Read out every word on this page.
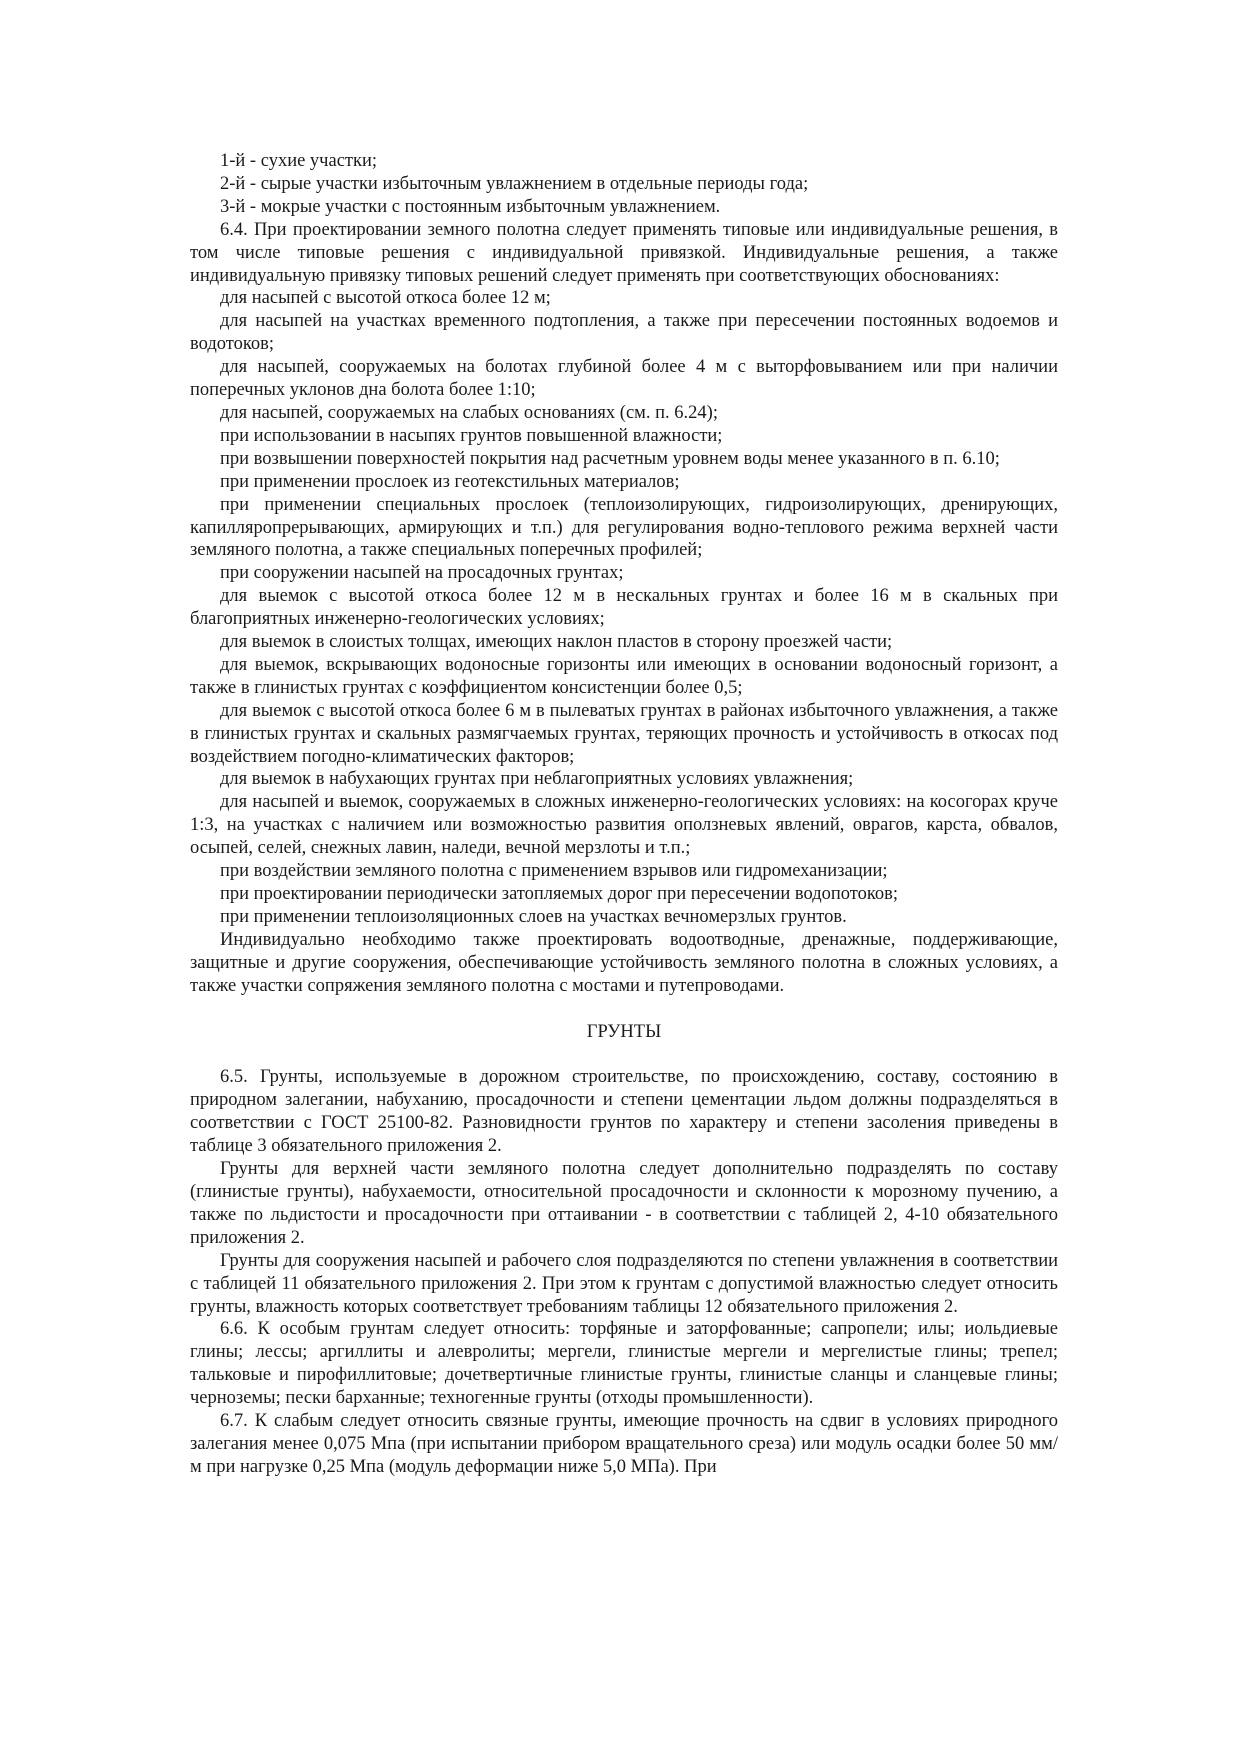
1-й - сухие участки;

2-й - сырые участки избыточным увлажнением в отдельные периоды года;

3-й - мокрые участки с постоянным избыточным увлажнением.

6.4. При проектировании земного полотна следует применять типовые или индивидуальные решения, в том числе типовые решения с индивидуальной привязкой. Индивидуальные решения, а также индивидуальную привязку типовых решений следует применять при соответствующих обоснованиях:

для насыпей с высотой откоса более 12 м;

для насыпей на участках временного подтопления, а также при пересечении постоянных водоемов и водотоков;

для насыпей, сооружаемых на болотах глубиной более 4 м с выторфовыванием или при наличии поперечных уклонов дна болота более 1:10;

для насыпей, сооружаемых на слабых основаниях (см. п. 6.24);

при использовании в насыпях грунтов повышенной влажности;

при возвышении поверхностей покрытия над расчетным уровнем воды менее указанного в п. 6.10;

при применении прослоек из геотекстильных материалов;

при применении специальных прослоек (теплоизолирующих, гидроизолирующих, дренирующих, капилляропрерывающих, армирующих и т.п.) для регулирования водно-теплового режима верхней части земляного полотна, а также специальных поперечных профилей;

при сооружении насыпей на просадочных грунтах;

для выемок с высотой откоса более 12 м в нескальных грунтах и более 16 м в скальных при благоприятных инженерно-геологических условиях;

для выемок в слоистых толщах, имеющих наклон пластов в сторону проезжей части;

для выемок, вскрывающих водоносные горизонты или имеющих в основании водоносный горизонт, а также в глинистых грунтах с коэффициентом консистенции более 0,5;

для выемок с высотой откоса более 6 м в пылеватых грунтах в районах избыточного увлажнения, а также в глинистых грунтах и скальных размягчаемых грунтах, теряющих прочность и устойчивость в откосах под воздействием погодно-климатических факторов;

для выемок в набухающих грунтах при неблагоприятных условиях увлажнения;

для насыпей и выемок, сооружаемых в сложных инженерно-геологических условиях: на косогорах круче 1:3, на участках с наличием или возможностью развития оползневых явлений, оврагов, карста, обвалов, осыпей, селей, снежных лавин, наледи, вечной мерзлоты и т.п.;

при воздействии земляного полотна с применением взрывов или гидромеханизации;

при проектировании периодически затопляемых дорог при пересечении водопотоков;

при применении теплоизоляционных слоев на участках вечномерзлых грунтов.

Индивидуально необходимо также проектировать водоотводные, дренажные, поддерживающие, защитные и другие сооружения, обеспечивающие устойчивость земляного полотна в сложных условиях, а также участки сопряжения земляного полотна с мостами и путепроводами.

ГРУНТЫ

6.5. Грунты, используемые в дорожном строительстве, по происхождению, составу, состоянию в природном залегании, набуханию, просадочности и степени цементации льдом должны подразделяться в соответствии с ГОСТ 25100-82. Разновидности грунтов по характеру и степени засоления приведены в таблице 3 обязательного приложения 2.

Грунты для верхней части земляного полотна следует дополнительно подразделять по составу (глинистые грунты), набухаемости, относительной просадочности и склонности к морозному пучению, а также по льдистости и просадочности при оттаивании - в соответствии с таблицей 2, 4-10 обязательного приложения 2.

Грунты для сооружения насыпей и рабочего слоя подразделяются по степени увлажнения в соответствии с таблицей 11 обязательного приложения 2. При этом к грунтам с допустимой влажностью следует относить грунты, влажность которых соответствует требованиям таблицы 12 обязательного приложения 2.

6.6. К особым грунтам следует относить: торфяные и заторфованные; сапропели; илы; иольдиевые глины; лессы; аргиллиты и алевролиты; мергели, глинистые мергели и мергелистые глины; трепел; тальковые и пирофиллитовые; дочетвертичные глинистые грунты, глинистые сланцы и сланцевые глины; черноземы; пески барханные; техногенные грунты (отходы промышленности).

6.7. К слабым следует относить связные грунты, имеющие прочность на сдвиг в условиях природного залегания менее 0,075 Мпа (при испытании прибором вращательного среза) или модуль осадки более 50 мм/м при нагрузке 0,25 Мпа (модуль деформации ниже 5,0 МПа). При
